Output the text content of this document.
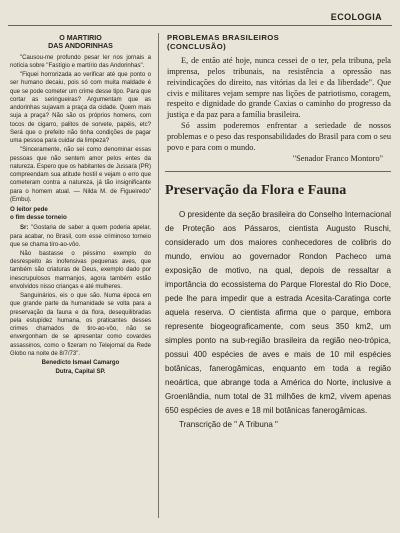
ECOLOGIA
O MARTIRIO
DAS ANDORINHAS

"Causou-me profundo pesar ler nos jornais a notícia sobre "Fastígio e martírio das Andorinhas".

"Fiquei horrorizada ao verificar até que ponto o ser humano decaiu, pois só com muita maldade é que se pode cometer um crime desse tipo. Para que cortar as seringueiras? Argumentam que as andorinhas sujavam a praça da cidade. Quem mais suja a praça? Não são os próprios homens, com tocos de cigarro, palitos de sorvete, papéis, etc? Será que o prefeito não tinha condições de pagar uma pessoa para cuidar da limpeza?

"Sinceramente, não sei como denominar essas pessoas que não sentem amor pelos entes da natureza. Espero que os habitantes de Jussara (PR) compreendam sua atitude hostil e vejam o erro que cometeram contra a natureza, já tão insignificante para o homem atual. — Nilda M. de Figueiredo" (Embu).

O leitor pede
o fim desse torneio

Sr: "Gostaria de saber a quem poderia apelar, para acabar, no Brasil, com esse criminoso torneio que se chama tiro-ao-vôo.

Não bastasse o péssimo exemplo do desrespeito às inofensivas pequenas aves, que também são criaturas de Deus, exemplo dado por inescrupulosos marmanjos, agora também estão envolvidos nisso crianças e até mulheres.

Sanguinários, eis o que são. Numa época em que grande parte da humanidade se volta para a preservação da fauna e da flora, desequilibradas pela estupidez humana, os praticantes desses crimes chamados de tiro-ao-vôo, não se envergonham de se apresentar como covardes assassinos, como o fizeram no Telejornal da Rede Globo na noite de 8/7/73".

Benedicto Ismael Camargo
Dutra, Capital SP.
PROBLEMAS BRASILEIROS
(CONCLUSÃO)

E, de então até hoje, nunca cessei de o ter, pela tribuna, pela imprensa, pelos tribunais, na resistência a opressão nas reivindicações do direito, nas vitórias da lei e da liberdade". Que civis e militares vejam sempre nas lições de patriotismo, coragem, respeito e dignidade do grande Caxias o caminho do progresso da justiça e da paz para a família brasileira.

Só assim poderemos enfrentar a seriedade de nossos problemas e o peso das responsabilidades do Brasil para com o seu povo e para com o mundo.

"Senador Franco Montoro"
Preservação da Flora e Fauna

O presidente da seção brasileira do Conselho Internacional de Proteção aos Pássaros, cientista Augusto Ruschi, considerado um dos maiores conhecedores de colibris do mundo, enviou ao governador Rondon Pacheco uma exposição de motivo, na qual, depois de ressaltar a importância do ecossistema do Parque Florestal do Rio Doce, pede lhe para impedir que a estrada Acesita-Caratinga corte aquela reserva. O cientista afirma que o parque, embora represente biogeograficamente, com seus 350 km2, um simples ponto na sub-região brasileira da região neo-trópica, possui 400 espécies de aves e mais de 10 mil espécies botânicas, fanerogâmicas, enquanto em toda a região neoártica, que abrange toda a América do Norte, inclusive a Groenlândia, num total de 31 milhões de km2, vivem apenas 650 espécies de aves e 18 mil botânicas fanerogâmicas.

Transcrição de " A Tribuna "
